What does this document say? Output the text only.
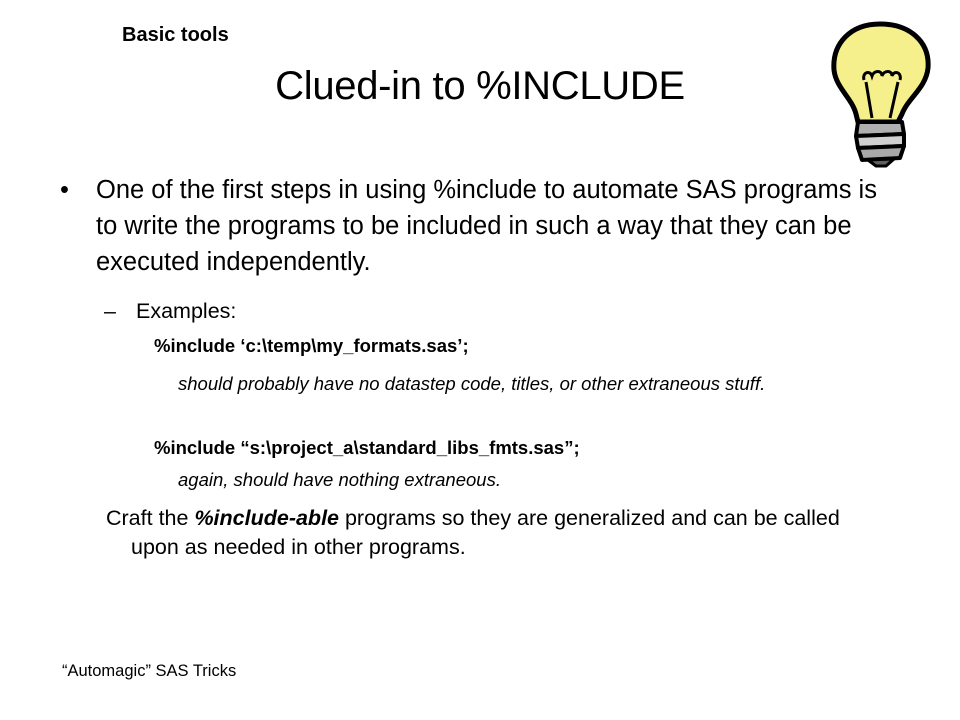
Basic tools
Clued-in to %INCLUDE
• One of the first steps in using %include to automate SAS programs is to write the programs to be included in such a way that they can be executed independently.
– Examples:
%include ‘c:\temp\my_formats.sas’;
should probably have no datastep code, titles, or other extraneous stuff.
%include “s:\project_a\standard_libs_fmts.sas”;
again, should have nothing extraneous.
Craft the %include-able programs so they are generalized and can be called upon as needed in other programs.
“Automagic” SAS Tricks
